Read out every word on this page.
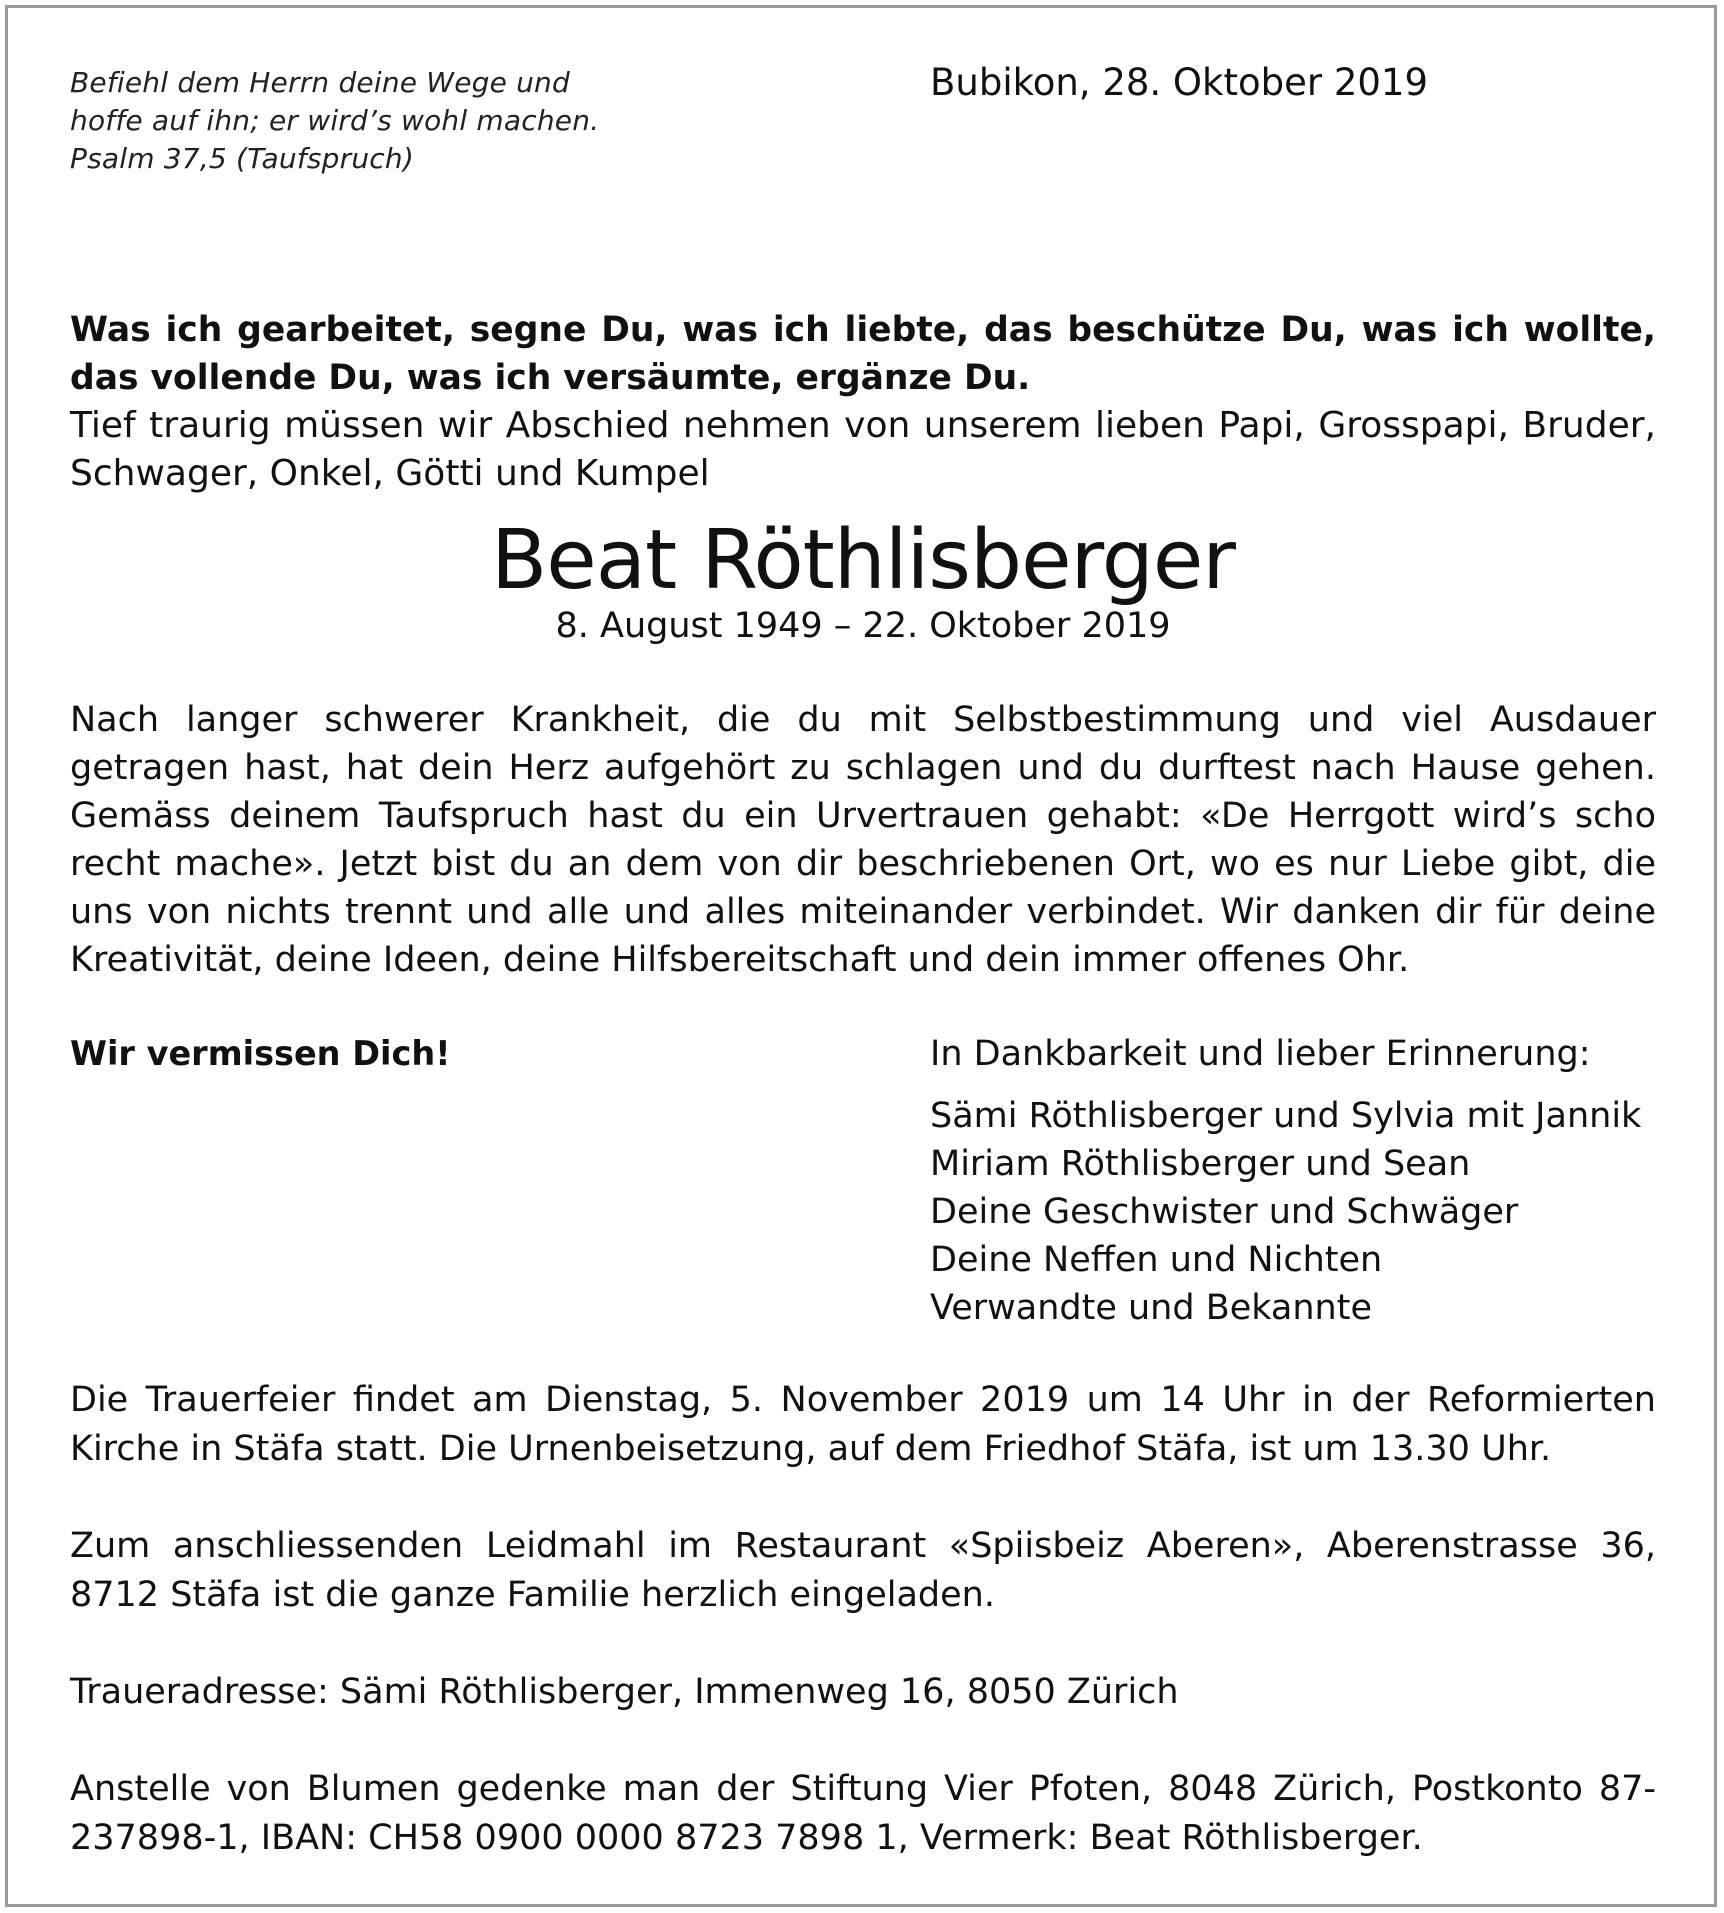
Befiehl dem Herrn deine Wege und
hoffe auf ihn; er wird’s wohl machen.
Psalm 37,5 (Taufspruch)
Bubikon, 28. Oktober 2019
Was ich gearbeitet, segne Du, was ich liebte, das beschütze Du, was ich wollte, das vollende Du, was ich versäumte, ergänze Du.
Tief traurig müssen wir Abschied nehmen von unserem lieben Papi, Grosspapi, Bruder, Schwager, Onkel, Götti und Kumpel
Beat Röthlisberger
8. August 1949 – 22. Oktober 2019
Nach langer schwerer Krankheit, die du mit Selbstbestimmung und viel Ausdauer getragen hast, hat dein Herz aufgehört zu schlagen und du durftest nach Hause gehen. Gemäss deinem Taufspruch hast du ein Urvertrauen gehabt: «De Herrgott wird’s scho recht mache». Jetzt bist du an dem von dir beschriebenen Ort, wo es nur Liebe gibt, die uns von nichts trennt und alle und alles miteinander verbindet. Wir danken dir für deine Kreativität, deine Ideen, deine Hilfsbereitschaft und dein immer offenes Ohr.
Wir vermissen Dich!	In Dankbarkeit und lieber Erinnerung:
Sämi Röthlisberger und Sylvia mit Jannik
Miriam Röthlisberger und Sean
Deine Geschwister und Schwäger
Deine Neffen und Nichten
Verwandte und Bekannte
Die Trauerfeier findet am Dienstag, 5. November 2019 um 14 Uhr in der Reformierten Kirche in Stäfa statt. Die Urnenbeisetzung, auf dem Friedhof Stäfa, ist um 13.30 Uhr.
Zum anschliessenden Leidmahl im Restaurant «Spiisbeiz Aberen», Aberenstrasse 36, 8712 Stäfa ist die ganze Familie herzlich eingeladen.
Traueradresse: Sämi Röthlisberger, Immenweg 16, 8050 Zürich
Anstelle von Blumen gedenke man der Stiftung Vier Pfoten, 8048 Zürich, Postkonto 87-237898-1, IBAN: CH58 0900 0000 8723 7898 1, Vermerk: Beat Röthlisberger.
